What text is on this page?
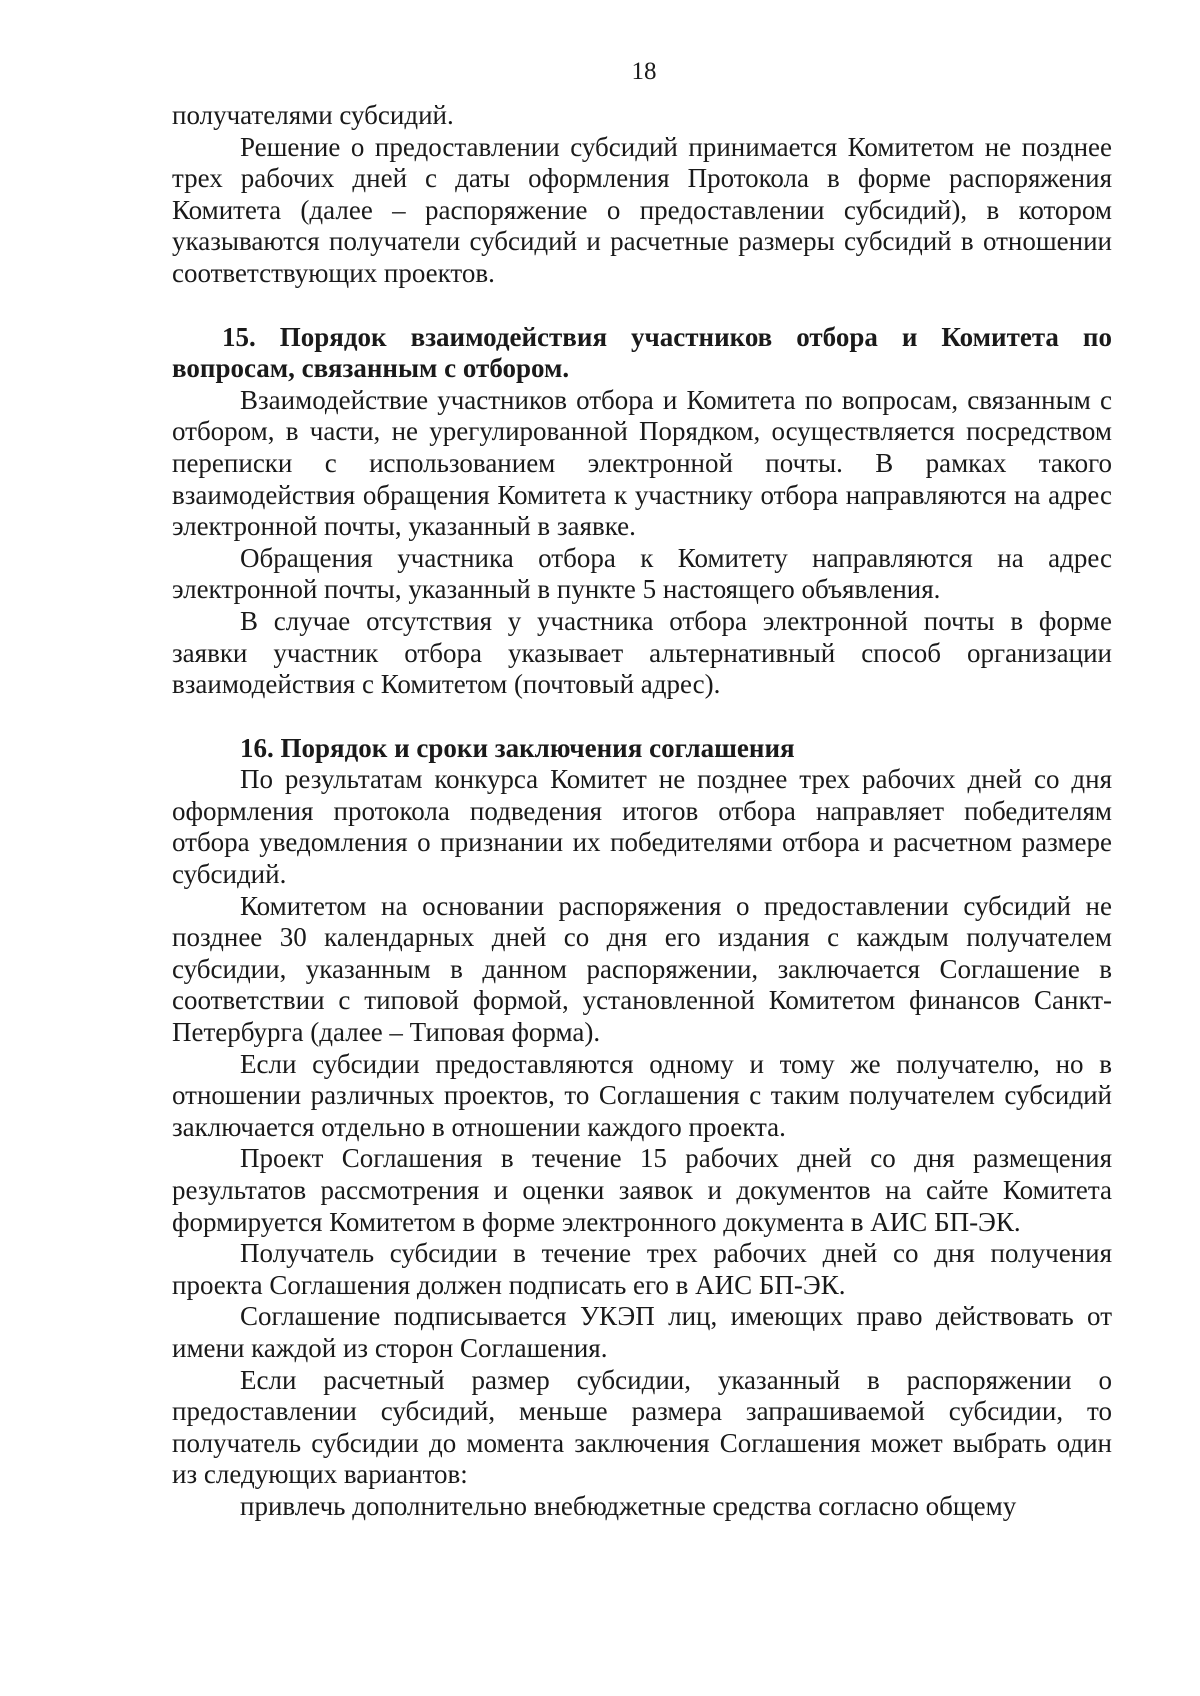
18

получателями субсидий.

Решение о предоставлении субсидий принимается Комитетом не позднее трех рабочих дней с даты оформления Протокола в форме распоряжения Комитета (далее – распоряжение о предоставлении субсидий), в котором указываются получатели субсидий и расчетные размеры субсидий в отношении соответствующих проектов.

15. Порядок взаимодействия участников отбора и Комитета по вопросам, связанным с отбором.

Взаимодействие участников отбора и Комитета по вопросам, связанным с отбором, в части, не урегулированной Порядком, осуществляется посредством переписки с использованием электронной почты. В рамках такого взаимодействия обращения Комитета к участнику отбора направляются на адрес электронной почты, указанный в заявке.

Обращения участника отбора к Комитету направляются на адрес электронной почты, указанный в пункте 5 настоящего объявления.

В случае отсутствия у участника отбора электронной почты в форме заявки участник отбора указывает альтернативный способ организации взаимодействия с Комитетом (почтовый адрес).

16. Порядок и сроки заключения соглашения

По результатам конкурса Комитет не позднее трех рабочих дней со дня оформления протокола подведения итогов отбора направляет победителям отбора уведомления о признании их победителями отбора и расчетном размере субсидий.

Комитетом на основании распоряжения о предоставлении субсидий не позднее 30 календарных дней со дня его издания с каждым получателем субсидии, указанным в данном распоряжении, заключается Соглашение в соответствии с типовой формой, установленной Комитетом финансов Санкт-Петербурга (далее – Типовая форма).

Если субсидии предоставляются одному и тому же получателю, но в отношении различных проектов, то Соглашения с таким получателем субсидий заключается отдельно в отношении каждого проекта.

Проект Соглашения в течение 15 рабочих дней со дня размещения результатов рассмотрения и оценки заявок и документов на сайте Комитета формируется Комитетом в форме электронного документа в АИС БП-ЭК.

Получатель субсидии в течение трех рабочих дней со дня получения проекта Соглашения должен подписать его в АИС БП-ЭК.

Соглашение подписывается УКЭП лиц, имеющих право действовать от имени каждой из сторон Соглашения.

Если расчетный размер субсидии, указанный в распоряжении о предоставлении субсидий, меньше размера запрашиваемой субсидии, то получатель субсидии до момента заключения Соглашения может выбрать один из следующих вариантов:

привлечь дополнительно внебюджетные средства согласно общему
